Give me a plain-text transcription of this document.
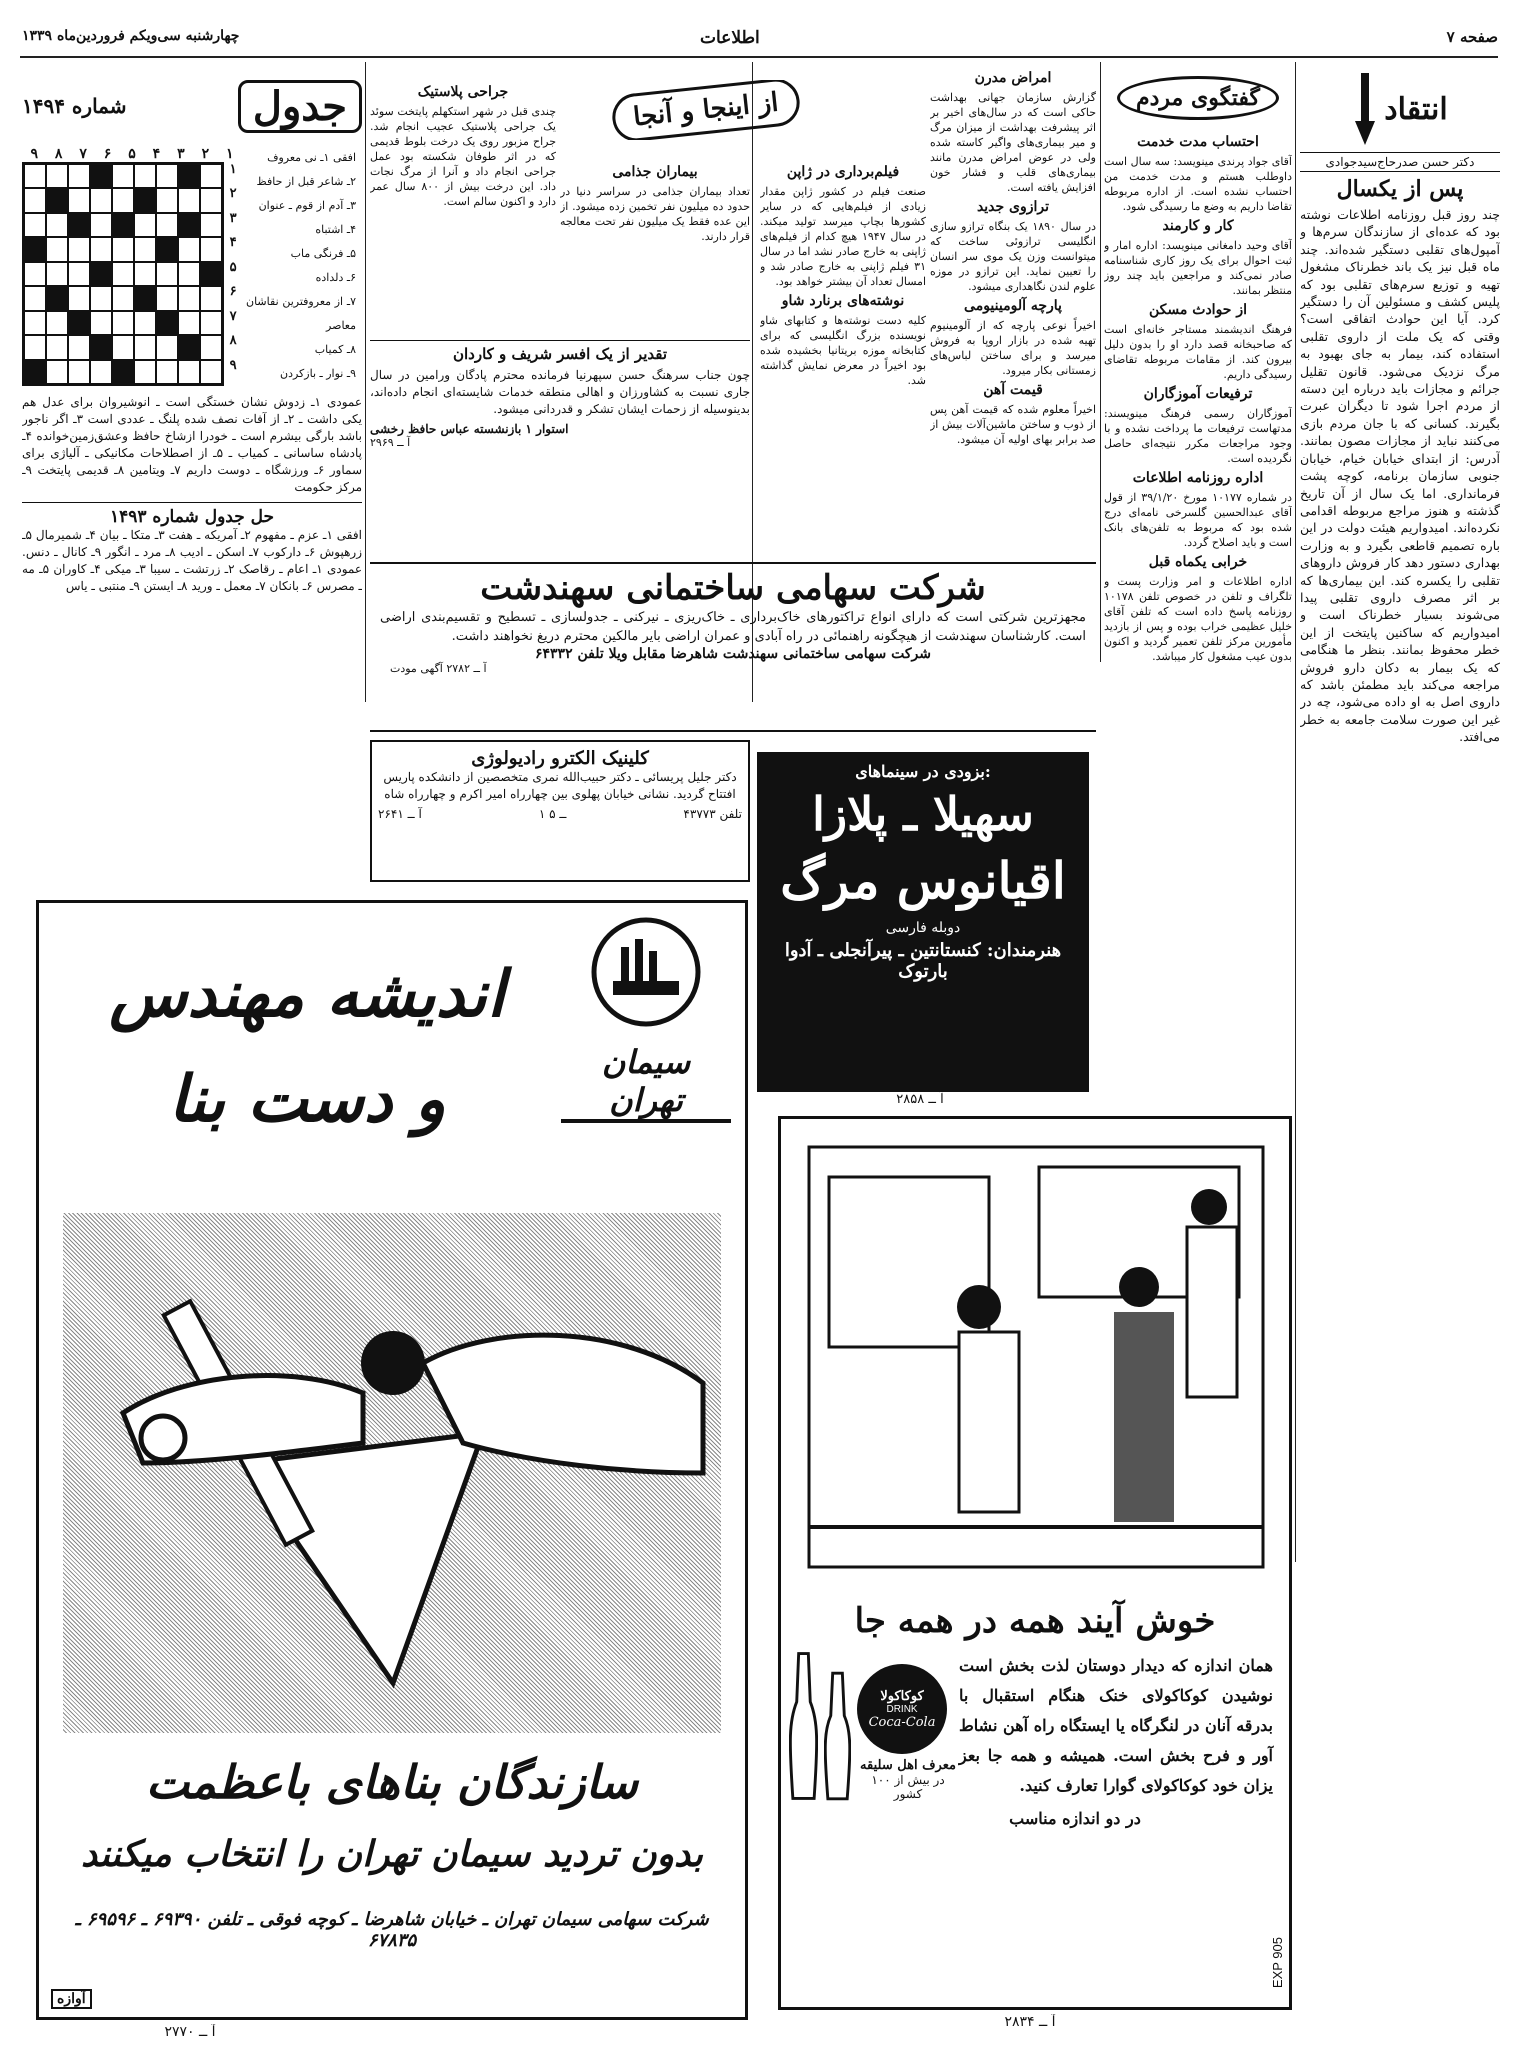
صفحه ۷
اطلاعات
چهارشنبه سی‌ویکم فروردین‌ماه ۱۳۳۹
انتقاد
دکتر حسن صدرحاج‌سیدجوادی
پس از یکسال
چند روز قبل روزنامه اطلاعات نوشته بود که عده‌ای از سازندگان سرم‌ها و آمپول‌های تقلبی دستگیر شده‌اند. چند ماه قبل نیز یک باند خطرناک مشغول تهیه و توزیع سرم‌های تقلبی بود که پلیس کشف و مسئولین آن را دستگیر کرد. آیا این حوادث اتفاقی است؟ وقتی که یک ملت از داروی تقلبی استفاده کند، بیمار به جای بهبود به مرگ نزدیک می‌شود. قانون تقلیل جرائم و مجازات باید درباره این دسته از مردم اجرا شود تا دیگران عبرت بگیرند. کسانی که با جان مردم بازی می‌کنند نباید از مجازات مصون بمانند. آدرس: از ابتدای خیابان خیام، خیابان جنوبی سازمان برنامه، کوچه پشت فرمانداری. اما یک سال از آن تاریخ گذشته و هنوز مراجع مربوطه اقدامی نکرده‌اند. امیدواریم هیئت دولت در این باره تصمیم قاطعی بگیرد و به وزارت بهداری دستور دهد کار فروش داروهای تقلبی را یکسره کند. این بیماری‌ها که بر اثر مصرف داروی تقلبی پیدا می‌شوند بسیار خطرناک است و امیدواریم که ساکنین پایتخت از این خطر محفوظ بمانند. بنظر ما هنگامی که یک بیمار به دکان دارو فروش مراجعه می‌کند باید مطمئن باشد که داروی اصل به او داده می‌شود، چه در غیر این صورت سلامت جامعه به خطر می‌افتد.
گفتگوی مردم
احتساب مدت خدمت
آقای جواد پرندی مینویسد: سه سال است داوطلب هستم و مدت خدمت من احتساب نشده است. از اداره مربوطه تقاضا داریم به وضع ما رسیدگی شود.
کار و کارمند
آقای وحید دامغانی مینویسد: اداره امار و ثبت احوال برای یک روز کاری شناسنامه صادر نمی‌کند و مراجعین باید چند روز منتظر بمانند.
از حوادث مسکن
فرهنگ اندیشمند مستاجر خانه‌ای است که صاحبخانه قصد دارد او را بدون دلیل بیرون کند. از مقامات مربوطه تقاضای رسیدگی داریم.
ترفیعات آموزگاران
آموزگاران رسمی فرهنگ مینویسند: مدتهاست ترفیعات ما پرداخت نشده و با وجود مراجعات مکرر نتیجه‌ای حاصل نگردیده است.
اداره روزنامه اطلاعات
در شماره ۱۰۱۷۷ مورخ ۳۹/۱/۲۰ از قول آقای عبدالحسین گلسرخی نامه‌ای درج شده بود که مربوط به تلفن‌های بانک است و باید اصلاح گردد.
خرابی یکماه قبل
اداره اطلاعات و امر وزارت پست و تلگراف و تلفن در خصوص تلفن ۱۰۱۷۸ روزنامه پاسخ داده است که تلفن آقای خلیل عظیمی خراب بوده و پس از بازدید مأمورین مرکز تلفن تعمیر گردید و اکنون بدون عیب مشغول کار میباشد.
از اینجا و آنجا
امراض مدرن
گزارش سازمان جهانی بهداشت حاکی است که در سال‌های اخیر بر اثر پیشرفت بهداشت از میزان مرگ و میر بیماری‌های واگیر کاسته شده ولی در عوض امراض مدرن مانند بیماری‌های قلب و فشار خون افزایش یافته است.
ترازوی جدید
در سال ۱۸۹۰ یک بنگاه ترازو سازی انگلیسی ترازوئی ساخت که میتوانست وزن یک موی سر انسان را تعیین نماید. این ترازو در موزه علوم لندن نگاهداری میشود.
پارچه آلومینیومی
اخیراً نوعی پارچه که از آلومینیوم تهیه شده در بازار اروپا به فروش میرسد و برای ساختن لباس‌های زمستانی بکار میرود.
قیمت آهن
اخیراً معلوم شده که قیمت آهن پس از ذوب و ساختن ماشین‌آلات بیش از صد برابر بهای اولیه آن میشود.
فیلم‌برداری در ژاپن
صنعت فیلم در کشور ژاپن مقدار زیادی از فیلم‌هایی که در سایر کشورها بچاپ میرسد تولید میکند. در سال ۱۹۴۷ هیچ کدام از فیلم‌های ژاپنی به خارج صادر نشد اما در سال ۳۱ فیلم ژاپنی به خارج صادر شد و امسال تعداد آن بیشتر خواهد بود.
نوشته‌های برنارد شاو
کلیه دست نوشته‌ها و کتابهای شاو نویسنده بزرگ انگلیسی که برای کتابخانه موزه بریتانیا بخشیده شده بود اخیراً در معرض نمایش گذاشته شد.
بیماران جذامی
تعداد بیماران جذامی در سراسر دنیا در حدود ده میلیون نفر تخمین زده میشود. از این عده فقط یک میلیون نفر تحت معالجه قرار دارند.
جراحی پلاستیک
چندی قبل در شهر استکهلم پایتخت سوئد یک جراحی پلاستیک عجیب انجام شد. جراح مزبور روی یک درخت بلوط قدیمی که در اثر طوفان شکسته بود عمل جراحی انجام داد و آنرا از مرگ نجات داد. این درخت بیش از ۸۰۰ سال عمر دارد و اکنون سالم است.
تقدیر از یک افسر شریف و کاردان
چون جناب سرهنگ حسن سپهرنیا فرمانده محترم پادگان ورامین در سال جاری نسبت به کشاورزان و اهالی منطقه خدمات شایسته‌ای انجام داده‌اند، بدینوسیله از زحمات ایشان تشکر و قدردانی میشود.
استوار ۱ بازنشسته عباس حافظ رخشی
آ ــ ۲۹۶۹
شرکت سهامی ساختمانی سهندشت
مجهزترین شرکتی است که دارای انواع تراکتورهای خاک‌برداری ـ خاک‌ریزی ـ نیرکنی ـ جدولسازی ـ تسطیح و تقسیم‌بندی اراضی است. کارشناسان سهندشت از هیچگونه راهنمائی در راه آبادی و عمران اراضی بایر مالکین محترم دریغ نخواهند داشت.
شرکت سهامی ساختمانی سهندشت شاهرضا مقابل ویلا تلفن ۶۴۳۳۲
آ ــ ۲۷۸۲ آگهی مودت
شماره ۱۴۹۴	جدول
۹	۸	۷	۶	۵	۴	۳	۲	۱
۱
۲
۳
۴
۵
۶
۷
۸
۹
افقی ۱ـ نی معروف
۲ـ شاعر قبل از حافظ
۳ـ آدم از قوم ـ عنوان
۴ـ اشتباه
۵ـ فرنگی ماب
۶ـ دلداده
۷ـ از معروفترین نقاشان معاصر
۸ـ کمیاب
۹ـ نوار ـ بازکردن
عمودی ۱ـ زدوش نشان خستگی است ـ انوشیروان برای عدل هم یکی داشت ـ ۲ـ از آفات نصف شده پلنگ ـ عددی است ۳ـ اگر ناجور باشد بارگی بیشرم است ـ خودرا ازشاخ حافظ وعشق‌زمین‌خوانده ۴ـ پادشاه ساسانی ـ کمیاب ـ ۵ـ از اصطلاحات مکانیکی ـ آلیاژی برای سماور ۶ـ ورزشگاه ـ دوست داریم ۷ـ ویتامین ۸ـ قدیمی پایتخت ۹ـ مرکز حکومت
حل جدول شماره ۱۴۹۳
افقی ۱ـ عزم ـ مفهوم ۲ـ آمریکه ـ هفت ۳ـ متکا ـ بیان ۴ـ شمیرمال ۵ـ زرهپوش ۶ـ دارکوب ۷ـ اسکن ـ ادیب ۸ـ مرد ـ انگور ۹ـ کانال ـ دنس. عمودی ۱ـ اعام ـ رقاصک ۲ـ زرتشت ـ سیبا ۳ـ میکی ۴ـ کاوران ۵ـ مه ـ مصرس ۶ـ بانکان ۷ـ معمل ـ ورید ۸ـ ایستن ۹ـ منتبی ـ یاس
کلینیک الکترو رادیولوژی
دکتر جلیل پریسائی ـ دکتر حبیب‌الله نمری متخصصین از دانشکده پاریس افتتاح گردید. نشانی خیابان پهلوی بین چهارراه امیر اکرم و چهارراه شاه
آ ــ ۲۶۴۱	۱ ــ ۵	تلفن ۴۳۷۷۳
بزودی در سینماهای:
سهیلا ـ پلازا
اقیانوس مرگ
دوبله فارسی
هنرمندان: کنستانتین ـ پیرآنجلی ـ آدوا بارتوک
آ ــ ۲۸۵۸
اندیشه مهندس
و دست بنا	سیمان تهران
سازندگان بناهای باعظمت
بدون تردید سیمان تهران را انتخاب میکنند
شرکت سهامی سیمان تهران ـ خیابان شاهرضا ـ کوچه فوقی ـ تلفن ۶۹۳۹۰ ـ ۶۹۵۹۶ ـ ۶۷۸۳۵
آوازه
آ ــ ۲۷۷۰
خوش آیند همه در همه جا
کوکاکولا
DRINK
Coca-Cola
معرف اهل سلیقه
در بیش از ۱۰۰ کشور
همان اندازه که دیدار دوستان لذت بخش است نوشیدن کوکاکولای خنک هنگام استقبال با بدرقه آنان در لنگرگاه یا ایستگاه راه آهن نشاط آور و فرح بخش است. همیشه و همه جا بعز یزان خود کوکاکولای گوارا تعارف کنید.
در دو اندازه مناسب
EXP 905
آ ــ ۲۸۳۴
